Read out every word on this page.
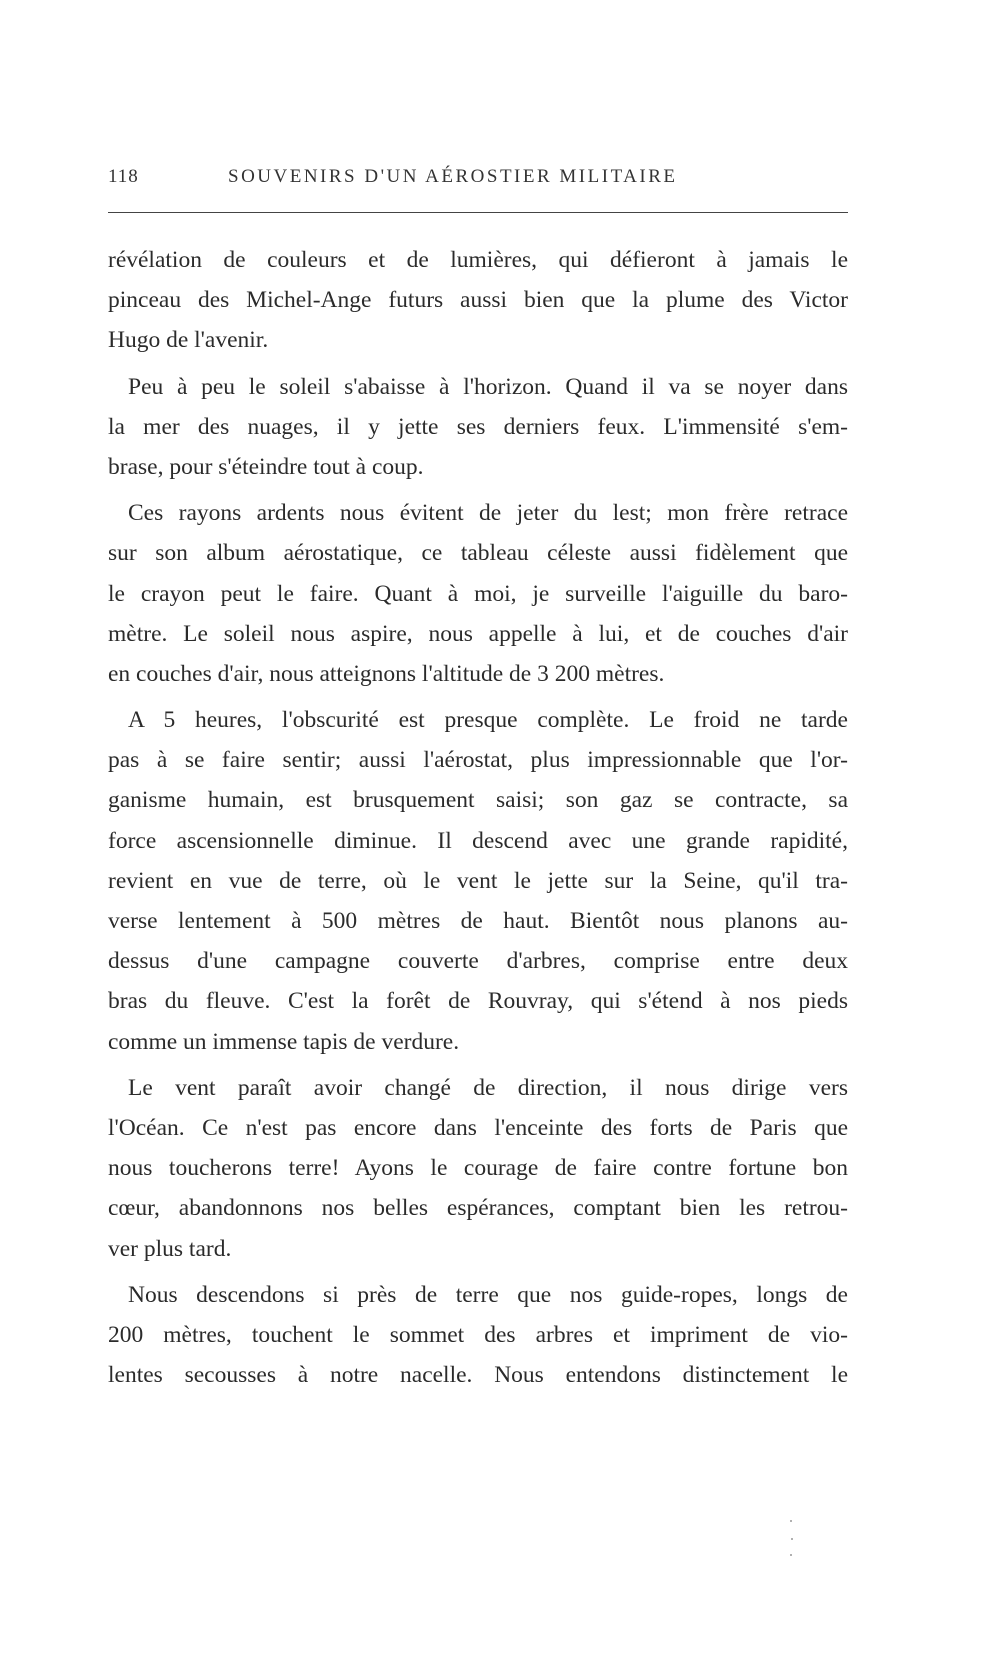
118	SOUVENIRS D'UN AÉROSTIER MILITAIRE
révélation de couleurs et de lumières, qui défieront à jamais le
pinceau des Michel-Ange futurs aussi bien que la plume des Victor
Hugo de l'avenir.
Peu à peu le soleil s'abaisse à l'horizon. Quand il va se noyer dans
la mer des nuages, il y jette ses derniers feux. L'immensité s'em-
brase, pour s'éteindre tout à coup.
Ces rayons ardents nous évitent de jeter du lest; mon frère retrace
sur son album aérostatique, ce tableau céleste aussi fidèlement que
le crayon peut le faire. Quant à moi, je surveille l'aiguille du baro-
mètre. Le soleil nous aspire, nous appelle à lui, et de couches d'air
en couches d'air, nous atteignons l'altitude de 3 200 mètres.
A 5 heures, l'obscurité est presque complète. Le froid ne tarde
pas à se faire sentir; aussi l'aérostat, plus impressionnable que l'or-
ganisme humain, est brusquement saisi; son gaz se contracte, sa
force ascensionnelle diminue. Il descend avec une grande rapidité,
revient en vue de terre, où le vent le jette sur la Seine, qu'il tra-
verse lentement à 500 mètres de haut. Bientôt nous planons au-
dessus d'une campagne couverte d'arbres, comprise entre deux
bras du fleuve. C'est la forêt de Rouvray, qui s'étend à nos pieds
comme un immense tapis de verdure.
Le vent paraît avoir changé de direction, il nous dirige vers
l'Océan. Ce n'est pas encore dans l'enceinte des forts de Paris que
nous toucherons terre! Ayons le courage de faire contre fortune bon
cœur, abandonnons nos belles espérances, comptant bien les retrou-
ver plus tard.
Nous descendons si près de terre que nos guide-ropes, longs de
200 mètres, touchent le sommet des arbres et impriment de vio-
lentes secousses à notre nacelle. Nous entendons distinctement le
